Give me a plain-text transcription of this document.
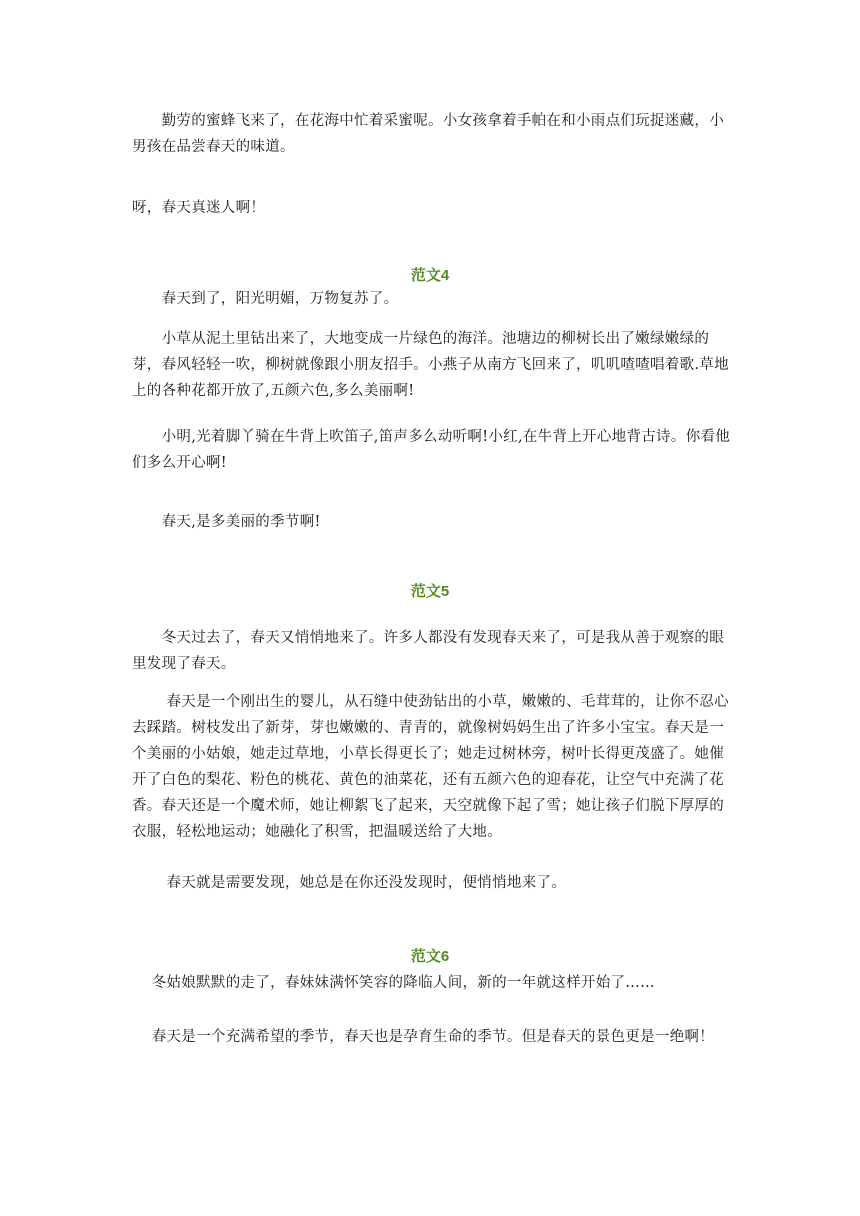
　　勤劳的蜜蜂飞来了，在花海中忙着采蜜呢。小女孩拿着手帕在和小雨点们玩捉迷藏，小男孩在品尝春天的味道。

呀，春天真迷人啊！

范文4

　　春天到了，阳光明媚，万物复苏了。

　　小草从泥土里钻出来了，大地变成一片绿色的海洋。池塘边的柳树长出了嫩绿嫩绿的芽，春风轻轻一吹，柳树就像跟小朋友招手。小燕子从南方飞回来了，叽叽喳喳唱着歌.草地上的各种花都开放了,五颜六色,多么美丽啊!

　　小明,光着脚丫骑在牛背上吹笛子,笛声多么动听啊!小红,在牛背上开心地背古诗。你看他们多么开心啊!

　　春天,是多美丽的季节啊!

范文5

　　冬天过去了，春天又悄悄地来了。许多人都没有发现春天来了，可是我从善于观察的眼里发现了春天。

　　 春天是一个刚出生的婴儿，从石缝中使劲钻出的小草，嫩嫩的、毛茸茸的，让你不忍心去踩踏。树枝发出了新芽，芽也嫩嫩的、青青的，就像树妈妈生出了许多小宝宝。春天是一个美丽的小姑娘，她走过草地，小草长得更长了；她走过树林旁，树叶长得更茂盛了。她催开了白色的梨花、粉色的桃花、黄色的油菜花，还有五颜六色的迎春花，让空气中充满了花香。春天还是一个魔术师，她让柳絮飞了起来，天空就像下起了雪；她让孩子们脱下厚厚的衣服，轻松地运动；她融化了积雪，把温暖送给了大地。

　　 春天就是需要发现，她总是在你还没发现时，便悄悄地来了。

范文6

　 冬姑娘默默的走了，春妹妹满怀笑容的降临人间，新的一年就这样开始了……

　 春天是一个充满希望的季节，春天也是孕育生命的季节。但是春天的景色更是一绝啊！
